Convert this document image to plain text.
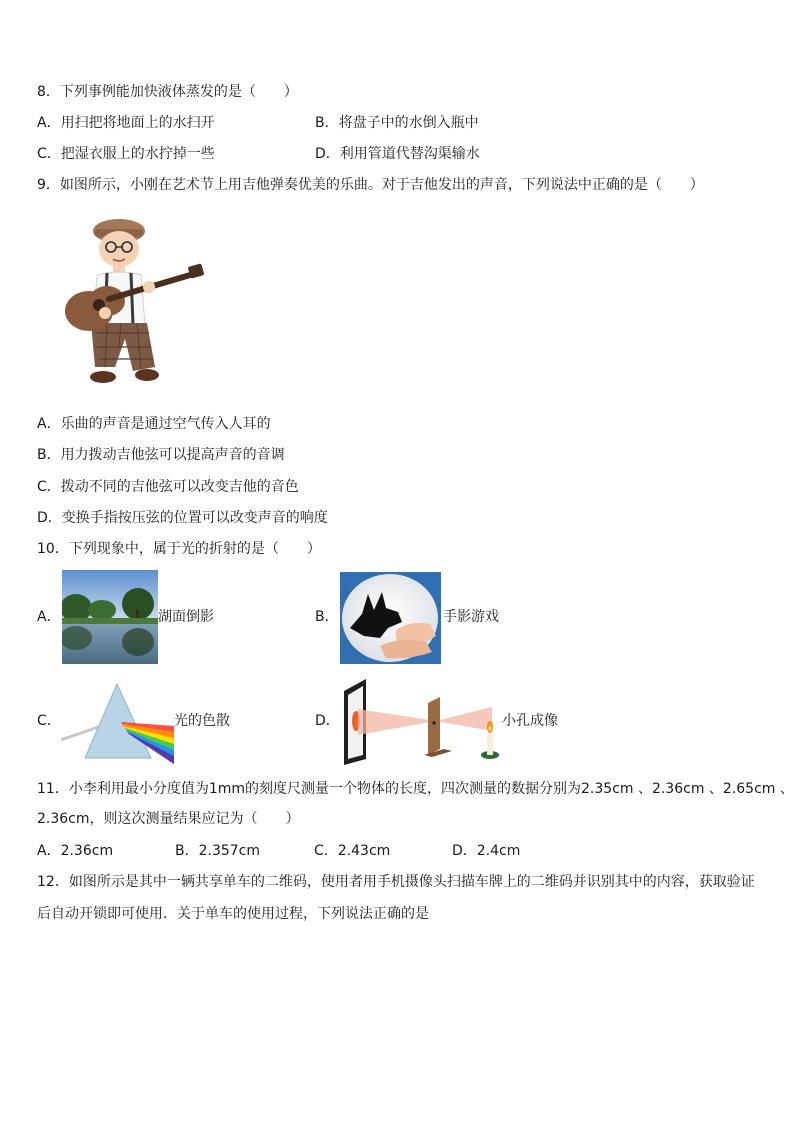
8．下列事例能加快液体蒸发的是（　　）
A．用扫把将地面上的水扫开	B．将盘子中的水倒入瓶中
C．把湿衣服上的水拧掉一些	D．利用管道代替沟渠输水
9．如图所示，小刚在艺术节上用吉他弹奏优美的乐曲。对于吉他发出的声音，下列说法中正确的是（　　）
A．乐曲的声音是通过空气传入人耳的
B．用力拨动吉他弦可以提高声音的音调
C．拨动不同的吉他弦可以改变吉他的音色
D．变换手指按压弦的位置可以改变声音的响度
10．下列现象中，属于光的折射的是（　　）
A．	湖面倒影	B．	手影游戏
C．	光的色散	D．	小孔成像
11．小李利用最小分度值为1mm的刻度尺测量一个物体的长度，四次测量的数据分别为2.35cm 、2.36cm 、2.65cm 、
2.36cm，则这次测量结果应记为（　　）
A．2.36cm	B．2.357cm	C．2.43cm	D．2.4cm
12．如图所示是其中一辆共享单车的二维码，使用者用手机摄像头扫描车牌上的二维码并识别其中的内容，获取验证
后自动开锁即可使用．关于单车的使用过程，下列说法正确的是
